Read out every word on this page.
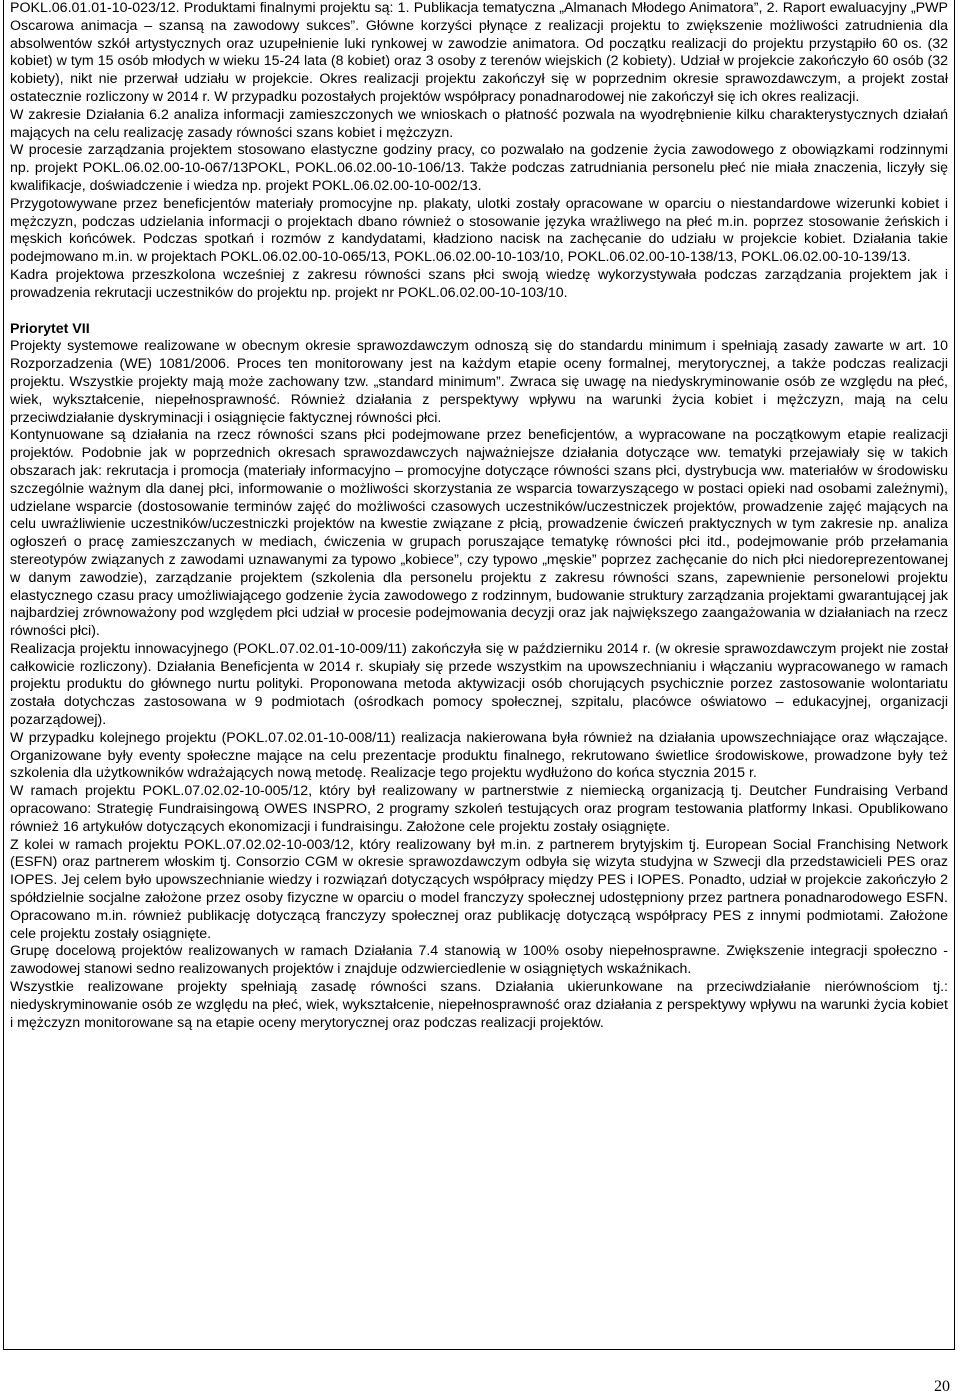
POKL.06.01.01-10-023/12. Produktami finalnymi projektu są: 1. Publikacja tematyczna „Almanach Młodego Animatora”, 2. Raport ewaluacyjny „PWP Oscarowa animacja – szansą na zawodowy sukces”. Główne korzyści płynące z realizacji projektu to zwiększenie możliwości zatrudnienia dla absolwentów szkół artystycznych oraz uzupełnienie luki rynkowej w zawodzie animatora. Od początku realizacji do projektu przystąpiło 60 os. (32 kobiet) w tym 15 osób młodych w wieku 15-24 lata (8 kobiet) oraz 3 osoby z terenów wiejskich (2 kobiety). Udział w projekcie zakończyło 60 osób (32 kobiety), nikt nie przerwał udziału w projekcie. Okres realizacji projektu zakończył się w poprzednim okresie sprawozdawczym, a projekt został ostatecznie rozliczony w 2014 r. W przypadku pozostałych projektów współpracy ponadnarodowej nie zakończył się ich okres realizacji.

W zakresie Działania 6.2 analiza informacji zamieszczonych we wnioskach o płatność pozwala na wyodrębnienie kilku charakterystycznych działań mających na celu realizację zasady równości szans kobiet i mężczyzn.

W procesie zarządzania projektem stosowano elastyczne godziny pracy, co pozwalało na godzenie życia zawodowego z obowiązkami rodzinnymi np. projekt POKL.06.02.00-10-067/13POKL, POKL.06.02.00-10-106/13. Także podczas zatrudniania personelu płeć nie miała znaczenia, liczyły się kwalifikacje, doświadczenie i wiedza np. projekt POKL.06.02.00-10-002/13.

Przygotowywane przez beneficjentów materiały promocyjne np. plakaty, ulotki zostały opracowane w oparciu o niestandardowe wizerunki kobiet i mężczyzn, podczas udzielania informacji o projektach dbano również o stosowanie języka wrażliwego na płeć m.in. poprzez stosowanie żeńskich i męskich końcówek. Podczas spotkań i rozmów z kandydatami, kładziono nacisk na zachęcanie do udziału w projekcie kobiet. Działania takie podejmowano m.in. w projektach POKL.06.02.00-10-065/13, POKL.06.02.00-10-103/10, POKL.06.02.00-10-138/13, POKL.06.02.00-10-139/13.

Kadra projektowa przeszkolona wcześniej z zakresu równości szans płci swoją wiedzę wykorzystywała podczas zarządzania projektem jak i prowadzenia rekrutacji uczestników do projektu np. projekt nr POKL.06.02.00-10-103/10.

Priorytet VII

Projekty systemowe realizowane w obecnym okresie sprawozdawczym odnoszą się do standardu minimum i spełniają zasady zawarte w art. 10 Rozporzadzenia (WE) 1081/2006. Proces ten monitorowany jest na każdym etapie oceny formalnej, merytorycznej, a także podczas realizacji projektu. Wszystkie projekty mają może zachowany tzw. „standard minimum”. Zwraca się uwagę na niedyskryminowanie osób ze względu na płeć, wiek, wykształcenie, niepełnosprawność. Również działania z perspektywy wpływu na warunki życia kobiet i mężczyzn, mają na celu przeciwdziałanie dyskryminacji i osiągnięcie faktycznej równości płci.

Kontynuowane są działania na rzecz równości szans płci podejmowane przez beneficjentów, a wypracowane na początkowym etapie realizacji projektów. Podobnie jak w poprzednich okresach sprawozdawczych najważniejsze działania dotyczące ww. tematyki przejawiały się w takich obszarach jak: rekrutacja i promocja (materiały informacyjno – promocyjne dotyczące równości szans płci, dystrybucja ww. materiałów w środowisku szczególnie ważnym dla danej płci, informowanie o możliwości skorzystania ze wsparcia towarzyszącego w postaci opieki nad osobami zależnymi), udzielane wsparcie (dostosowanie terminów zajęć do możliwości czasowych uczestników/uczestniczek projektów, prowadzenie zajęć mających na celu uwrażliwienie uczestników/uczestniczki projektów na kwestie związane z płcią, prowadzenie ćwiczeń praktycznych w tym zakresie np. analiza ogłoszeń o pracę zamieszczanych w mediach, ćwiczenia w grupach poruszające tematykę równości płci itd., podejmowanie prób przełamania stereotypów związanych z zawodami uznawanymi za typowo „kobiece”, czy typowo „męskie” poprzez zachęcanie do nich płci niedoreprezentowanej w danym zawodzie), zarządzanie projektem (szkolenia dla personelu projektu z zakresu równości szans, zapewnienie personelowi projektu elastycznego czasu pracy umożliwiającego godzenie życia zawodowego z rodzinnym, budowanie struktury zarządzania projektami gwarantującej jak najbardziej zrównoważony pod względem płci udział w procesie podejmowania decyzji oraz jak największego zaangażowania w działaniach na rzecz równości płci).

Realizacja projektu innowacyjnego (POKL.07.02.01-10-009/11) zakończyła się w październiku 2014 r. (w okresie sprawozdawczym projekt nie został całkowicie rozliczony). Działania Beneficjenta w 2014 r. skupiały się przede wszystkim na upowszechnianiu i włączaniu wypracowanego w ramach projektu produktu do głównego nurtu polityki. Proponowana metoda aktywizacji osób chorujących psychicznie porzez zastosowanie wolontariatu została dotychczas zastosowana w 9 podmiotach (ośrodkach pomocy społecznej, szpitalu, placówce oświatowo – edukacyjnej, organizacji pozarządowej).

W przypadku kolejnego projektu (POKL.07.02.01-10-008/11) realizacja nakierowana była również na działania upowszechniające oraz włączające. Organizowane były eventy społeczne mające na celu prezentacje produktu finalnego, rekrutowano świetlice środowiskowe, prowadzone były też szkolenia dla użytkowników wdrażających nową metodę. Realizacje tego projektu wydłużono do końca stycznia 2015 r.

W ramach projektu POKL.07.02.02-10-005/12, który był realizowany w partnerstwie z niemiecką organizacją tj. Deutcher Fundraising Verband opracowano: Strategię Fundraisingową OWES INSPRO, 2 programy szkoleń testujących oraz program testowania platformy Inkasi. Opublikowano również 16 artykułów dotyczących ekonomizacji i fundraisingu. Założone cele projektu zostały osiągnięte.

Z kolei w ramach projektu POKL.07.02.02-10-003/12, który realizowany był m.in. z partnerem brytyjskim tj. European Social Franchising Network (ESFN) oraz partnerem włoskim tj. Consorzio CGM w okresie sprawozdawczym odbyła się wizyta studyjna w Szwecji dla przedstawicieli PES oraz IOPES. Jej celem było upowszechnianie wiedzy i rozwiązań dotyczących współpracy między PES i IOPES. Ponadto, udział w projekcie zakończyło 2 spółdzielnie socjalne założone przez osoby fizyczne w oparciu o model franczyzy społecznej udostępniony przez partnera ponadnarodowego ESFN. Opracowano m.in. również publikację dotyczącą franczyzy społecznej oraz publikację dotyczącą współpracy PES z innymi podmiotami. Założone cele projektu zostały osiągnięte.

Grupę docelową projektów realizowanych w ramach Działania 7.4 stanowią w 100% osoby niepełnosprawne. Zwiększenie integracji społeczno - zawodowej stanowi sedno realizowanych projektów i znajduje odzwierciedlenie w osiągniętych wskaźnikach.

Wszystkie realizowane projekty spełniają zasadę równości szans. Działania ukierunkowane na przeciwdziałanie nierównościom tj.: niedyskryminowanie osób ze względu na płeć, wiek, wykształcenie, niepełnosprawność oraz działania z perspektywy wpływu na warunki życia kobiet i mężczyzn monitorowane są na etapie oceny merytorycznej oraz podczas realizacji projektów.

20
